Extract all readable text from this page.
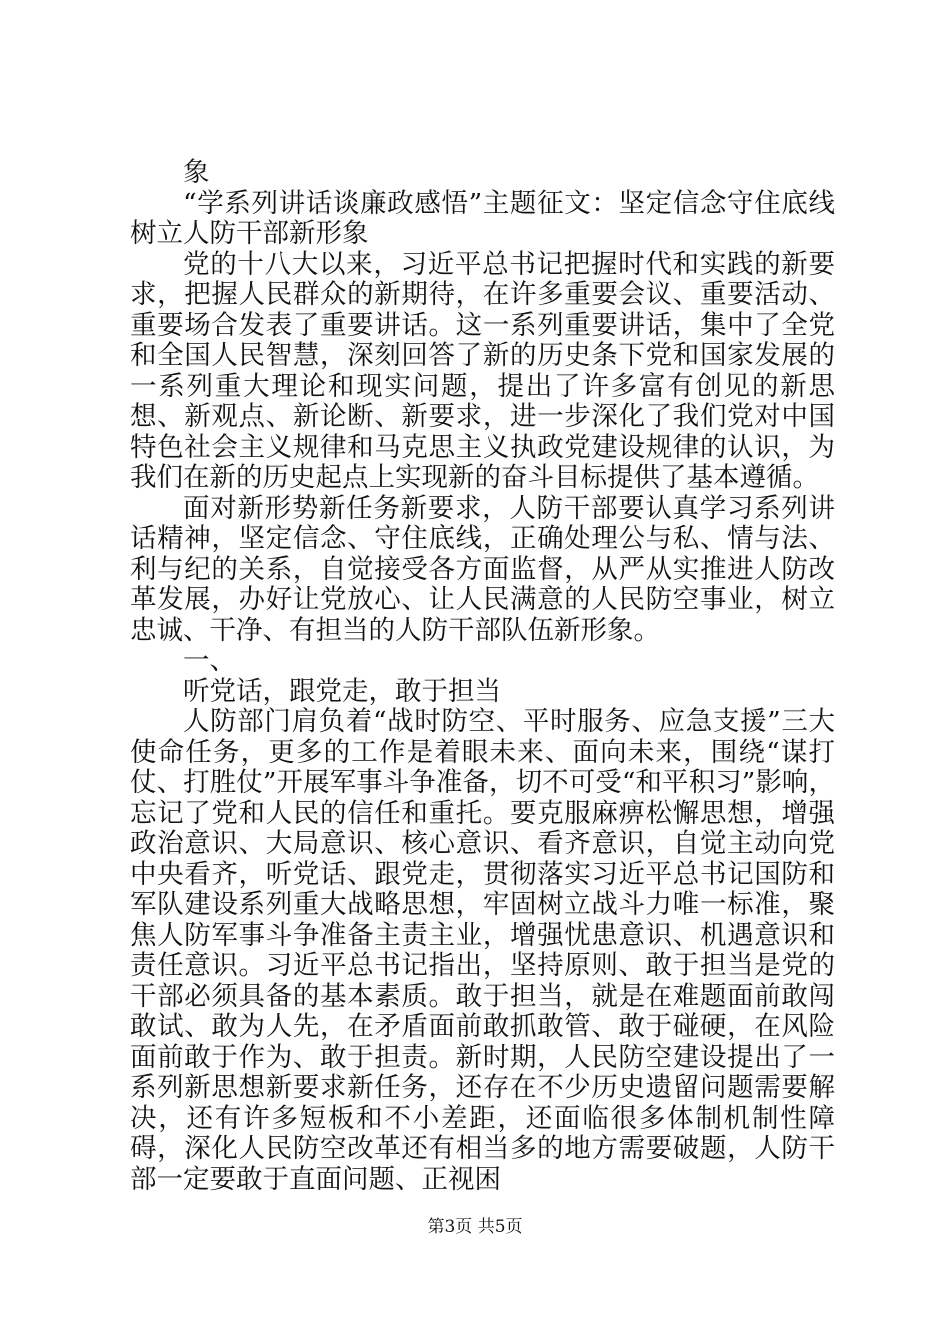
象

“学系列讲话谈廉政感悟”主题征文：坚定信念守住底线树立人防干部新形象

党的十八大以来，习近平总书记把握时代和实践的新要求，把握人民群众的新期待，在许多重要会议、重要活动、重要场合发表了重要讲话。这一系列重要讲话，集中了全党和全国人民智慧，深刻回答了新的历史条下党和国家发展的一系列重大理论和现实问题，提出了许多富有创见的新思想、新观点、新论断、新要求，进一步深化了我们党对中国特色社会主义规律和马克思主义执政党建设规律的认识，为我们在新的历史起点上实现新的奋斗目标提供了基本遵循。

面对新形势新任务新要求，人防干部要认真学习系列讲话精神，坚定信念、守住底线，正确处理公与私、情与法、利与纪的关系，自觉接受各方面监督，从严从实推进人防改革发展，办好让党放心、让人民满意的人民防空事业，树立忠诚、干净、有担当的人防干部队伍新形象。

一、

听党话，跟党走，敢于担当

人防部门肩负着“战时防空、平时服务、应急支援”三大使命任务，更多的工作是着眼未来、面向未来，围绕“谋打仗、打胜仗”开展军事斗争准备，切不可受“和平积习”影响，忘记了党和人民的信任和重托。要克服麻痹松懈思想，增强政治意识、大局意识、核心意识、看齐意识，自觉主动向党中央看齐，听党话、跟党走，贯彻落实习近平总书记国防和军队建设系列重大战略思想，牢固树立战斗力唯一标准，聚焦人防军事斗争准备主责主业，增强忧患意识、机遇意识和责任意识。习近平总书记指出，坚持原则、敢于担当是党的干部必须具备的基本素质。敢于担当，就是在难题面前敢闯敢试、敢为人先，在矛盾面前敢抓敢管、敢于碰硬，在风险面前敢于作为、敢于担责。新时期，人民防空建设提出了一系列新思想新要求新任务，还存在不少历史遗留问题需要解决，还有许多短板和不小差距，还面临很多体制机制性障碍，深化人民防空改革还有相当多的地方需要破题，人防干部一定要敢于直面问题、正视困

第3页 共5页
